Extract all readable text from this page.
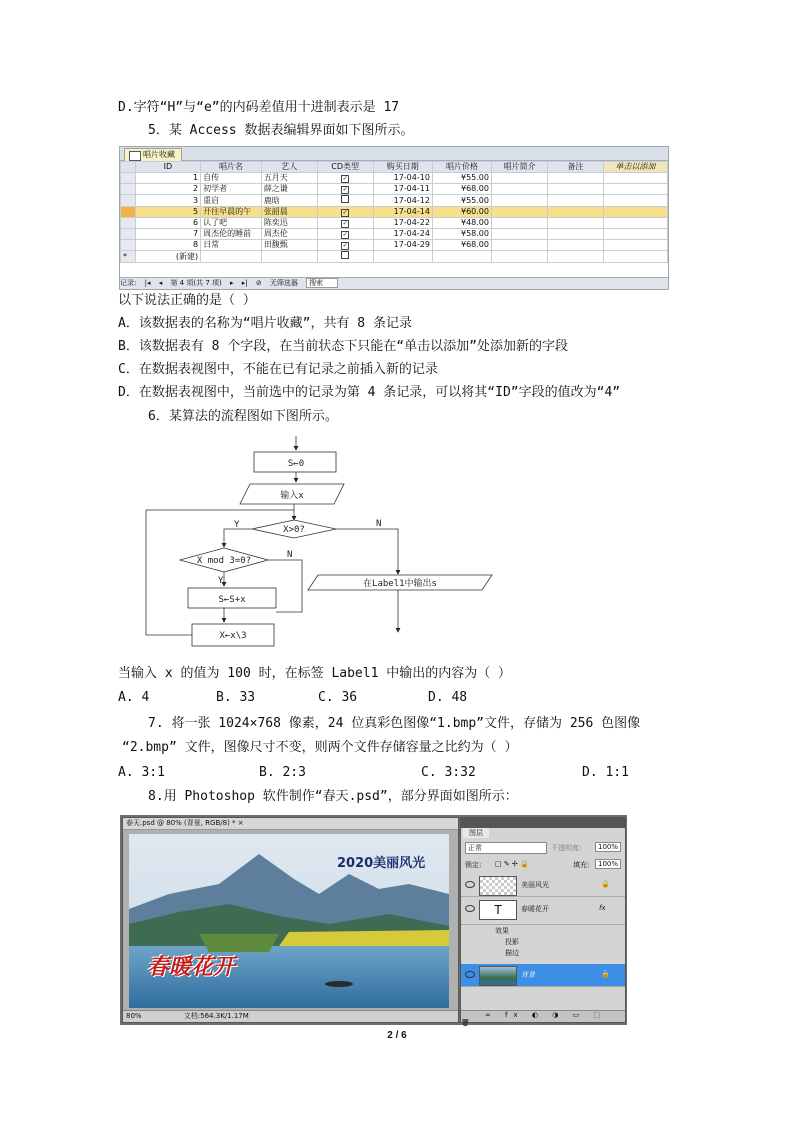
D.字符“H”与“e”的内码差值用十进制表示是 17
5．某 Access 数据表编辑界面如下图所示。
唱片收藏
	ID	唱片名	艺人	CD类型	购买日期	唱片价格	唱片简介	备注	单击以添加
	1	自传	五月天	✓	17-04-10	¥55.00			
	2	初学者	薛之谦	✓	17-04-11	¥68.00			
	3	重启	鹿晗		17-04-12	¥55.00			
	5	开往早晨的午	张韶晨	✓	17-04-14	¥60.00			
	6	认了吧	陈奕迅	✓	17-04-22	¥48.00			
	7	周杰伦的睡前	周杰伦	✓	17-04-24	¥58.00			
	8	日常	田馥甄	✓	17-04-29	¥68.00			
*	(新建)								
记录: |◂ ◂ 第 4 项(共 7 项) ▸ ▸| ⊘ 无筛选器 搜索
以下说法正确的是（ ）
A．该数据表的名称为“唱片收藏”，共有 8 条记录
B．该数据表有 8 个字段，在当前状态下只能在“单击以添加”处添加新的字段
C．在数据表视图中，不能在已有记录之前插入新的记录
D．在数据表视图中，当前选中的记录为第 4 条记录，可以将其“ID”字段的值改为“4”
6．某算法的流程图如下图所示。
S←0
输入x
X>0?
Y	N
X mod 3=0?
Y
N
S←S+x
X←x\3
在Label1中输出s
当输入 x 的值为 100 时，在标签 Label1 中输出的内容为（ ）
A. 4	B. 33	C. 36	D. 48
7. 将一张 1024×768 像素，24 位真彩色图像“1.bmp”文件，存储为 256 色图像
“2.bmp” 文件，图像尺寸不变，则两个文件存储容量之比约为（ ）
A. 3:1	B. 2:3	C. 3:32	D. 1:1
8.用 Photoshop 软件制作“春天.psd”，部分界面如图所示：
春天.psd @ 80% (背景, RGB/8) * ×
2020美丽风光
春暖花开
80%	文档:564.3K/1.17M
图层
正常	不透明度:	100%
锁定: □ ✎ ✢ 🔒	填充:	100%
美丽风光	🔒
T	春暖花开	fx
效果
投影
描边
背景	🔒
∞ fx ◐ ◑ ▭ ⬚ 🗑
2 / 6
